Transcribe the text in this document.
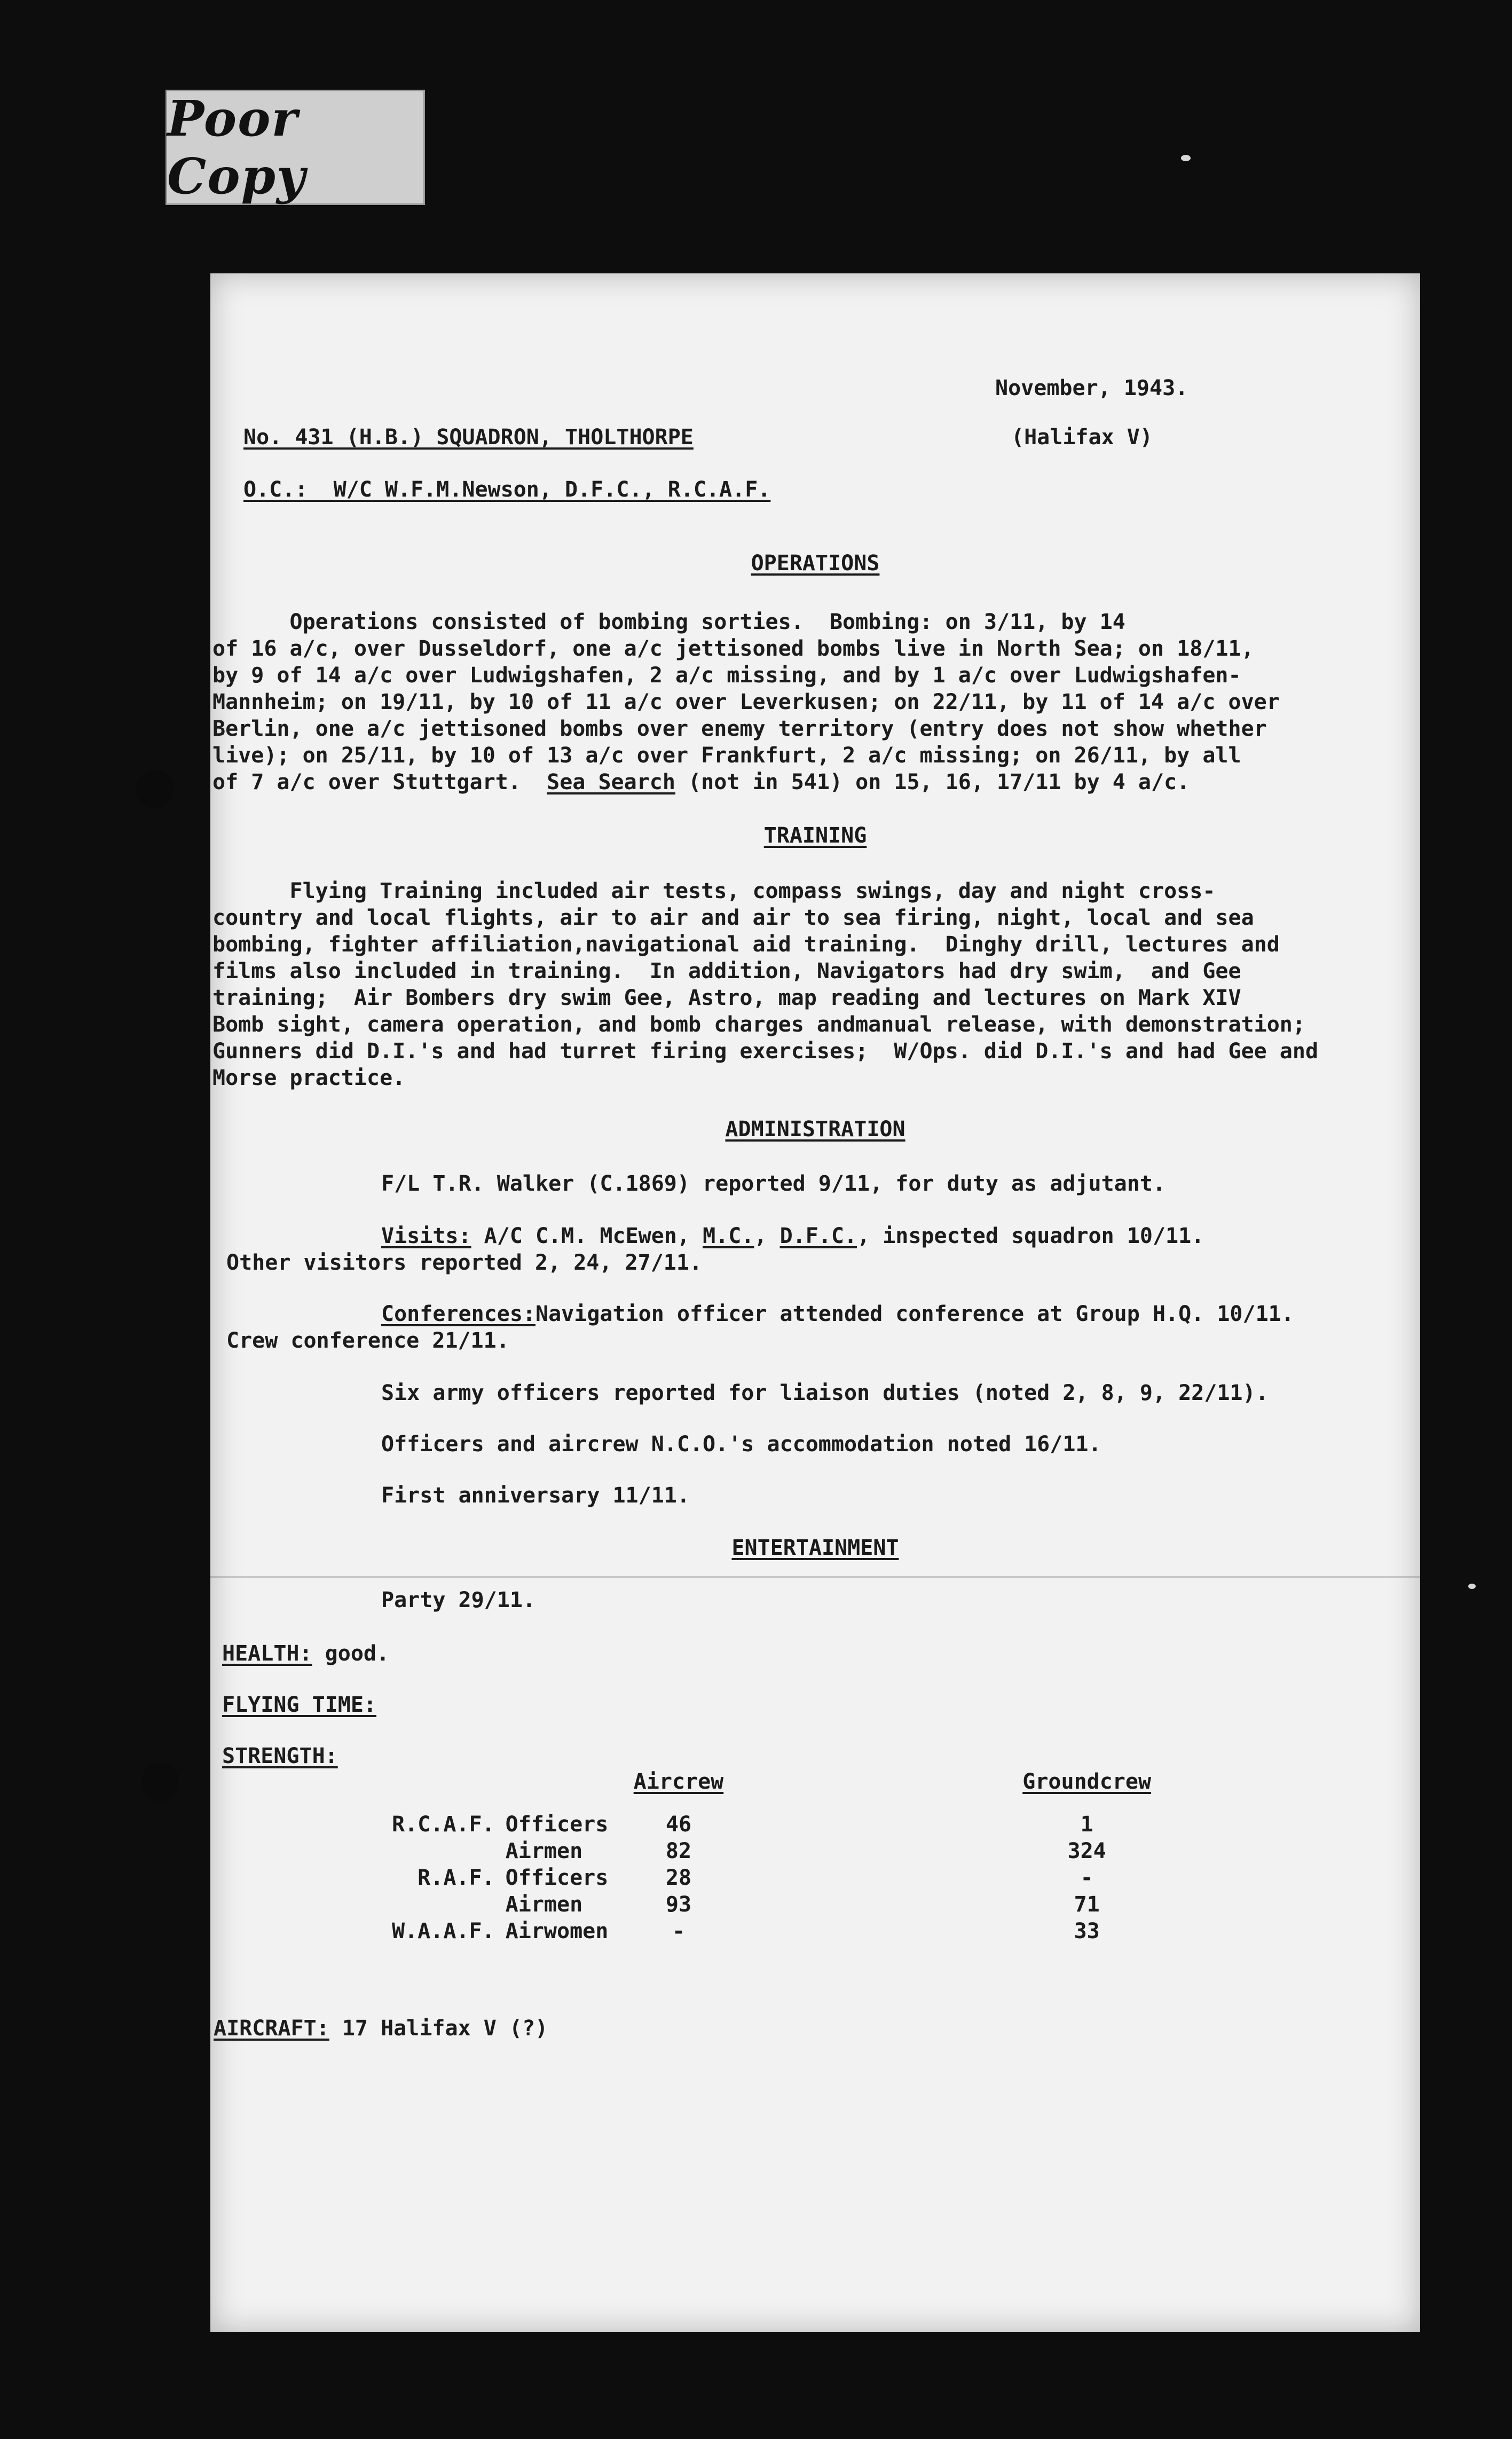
Poor Copy
November, 1943.
No. 431 (H.B.) SQUADRON, THOLTHORPE	(Halifax V)
O.C.:  W/C W.F.M.Newson, D.F.C., R.C.A.F.
OPERATIONS
Operations consisted of bombing sorties.  Bombing: on 3/11, by 14
of 16 a/c, over Dusseldorf, one a/c jettisoned bombs live in North Sea; on 18/11,
by 9 of 14 a/c over Ludwigshafen, 2 a/c missing, and by 1 a/c over Ludwigshafen-
Mannheim; on 19/11, by 10 of 11 a/c over Leverkusen; on 22/11, by 11 of 14 a/c over
Berlin, one a/c jettisoned bombs over enemy territory (entry does not show whether
live); on 25/11, by 10 of 13 a/c over Frankfurt, 2 a/c missing; on 26/11, by all
of 7 a/c over Stuttgart. Sea Search (not in 541) on 15, 16, 17/11 by 4 a/c.
TRAINING
Flying Training included air tests, compass swings, day and night cross-
country and local flights, air to air and air to sea firing, night, local and sea
bombing, fighter affiliation,navigational aid training.  Dinghy drill, lectures and
films also included in training.  In addition, Navigators had dry swim,  and Gee
training;  Air Bombers dry swim Gee, Astro, map reading and lectures on Mark XIV
Bomb sight, camera operation, and bomb charges andmanual release, with demonstration;
Gunners did D.I.'s and had turret firing exercises;  W/Ops. did D.I.'s and had Gee and
Morse practice.
ADMINISTRATION
F/L T.R. Walker (C.1869) reported 9/11, for duty as adjutant.
Visits: A/C C.M. McEwen, M.C., D.F.C., inspected squadron 10/11.
Other visitors reported 2, 24, 27/11.
Conferences:Navigation officer attended conference at Group H.Q. 10/11.
Crew conference 21/11.
Six army officers reported for liaison duties (noted 2, 8, 9, 22/11).
Officers and aircrew N.C.O.'s accommodation noted 16/11.
First anniversary 11/11.
ENTERTAINMENT
Party 29/11.
HEALTH: good.
FLYING TIME:
STRENGTH:
		Aircrew		Groundcrew

R.C.A.F.	Officers	46		1
	Airmen	82		324
R.A.F.	Officers	28		-
	Airmen	93		71
W.A.A.F.	Airwomen	-		33
AIRCRAFT: 17 Halifax V (?)
